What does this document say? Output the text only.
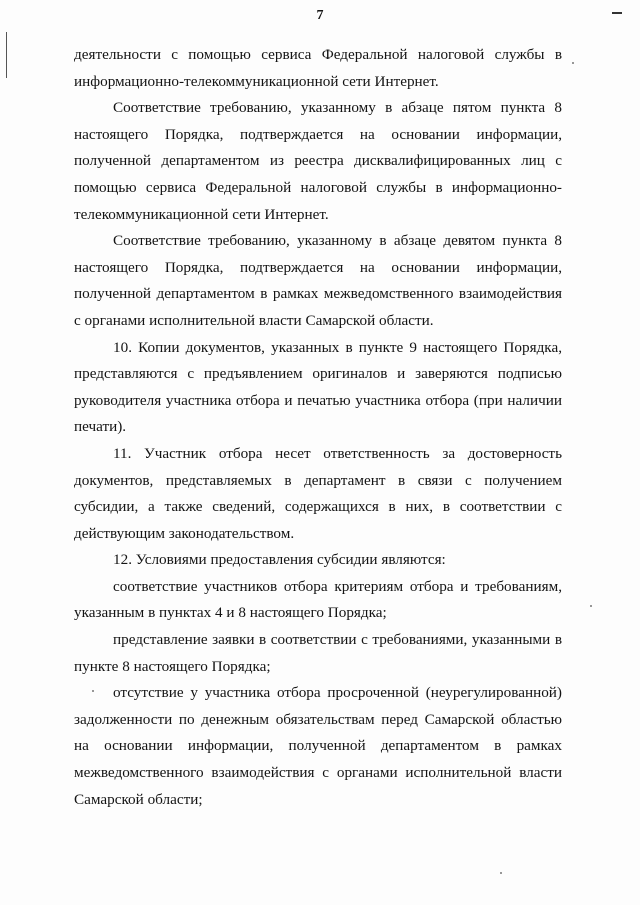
7

деятельности с помощью сервиса Федеральной налоговой службы в информационно-телекоммуникационной сети Интернет.

Соответствие требованию, указанному в абзаце пятом пункта 8 настоящего Порядка, подтверждается на основании информации, полученной департаментом из реестра дисквалифицированных лиц с помощью сервиса Федеральной налоговой службы в информационно-телекоммуникационной сети Интернет.

Соответствие требованию, указанному в абзаце девятом пункта 8 настоящего Порядка, подтверждается на основании информации, полученной департаментом в рамках межведомственного взаимодействия с органами исполнительной власти Самарской области.

10. Копии документов, указанных в пункте 9 настоящего Порядка, представляются с предъявлением оригиналов и заверяются подписью руководителя участника отбора и печатью участника отбора (при наличии печати).

11. Участник отбора несет ответственность за достоверность документов, представляемых в департамент в связи с получением субсидии, а также сведений, содержащихся в них, в соответствии с действующим законодательством.

12. Условиями предоставления субсидии являются:

соответствие участников отбора критериям отбора и требованиям, указанным в пунктах 4 и 8 настоящего Порядка;

представление заявки в соответствии с требованиями, указанными в пункте 8 настоящего Порядка;

отсутствие у участника отбора просроченной (неурегулированной) задолженности по денежным обязательствам перед Самарской областью на основании информации, полученной департаментом в рамках межведомственного взаимодействия с органами исполнительной власти Самарской области;
